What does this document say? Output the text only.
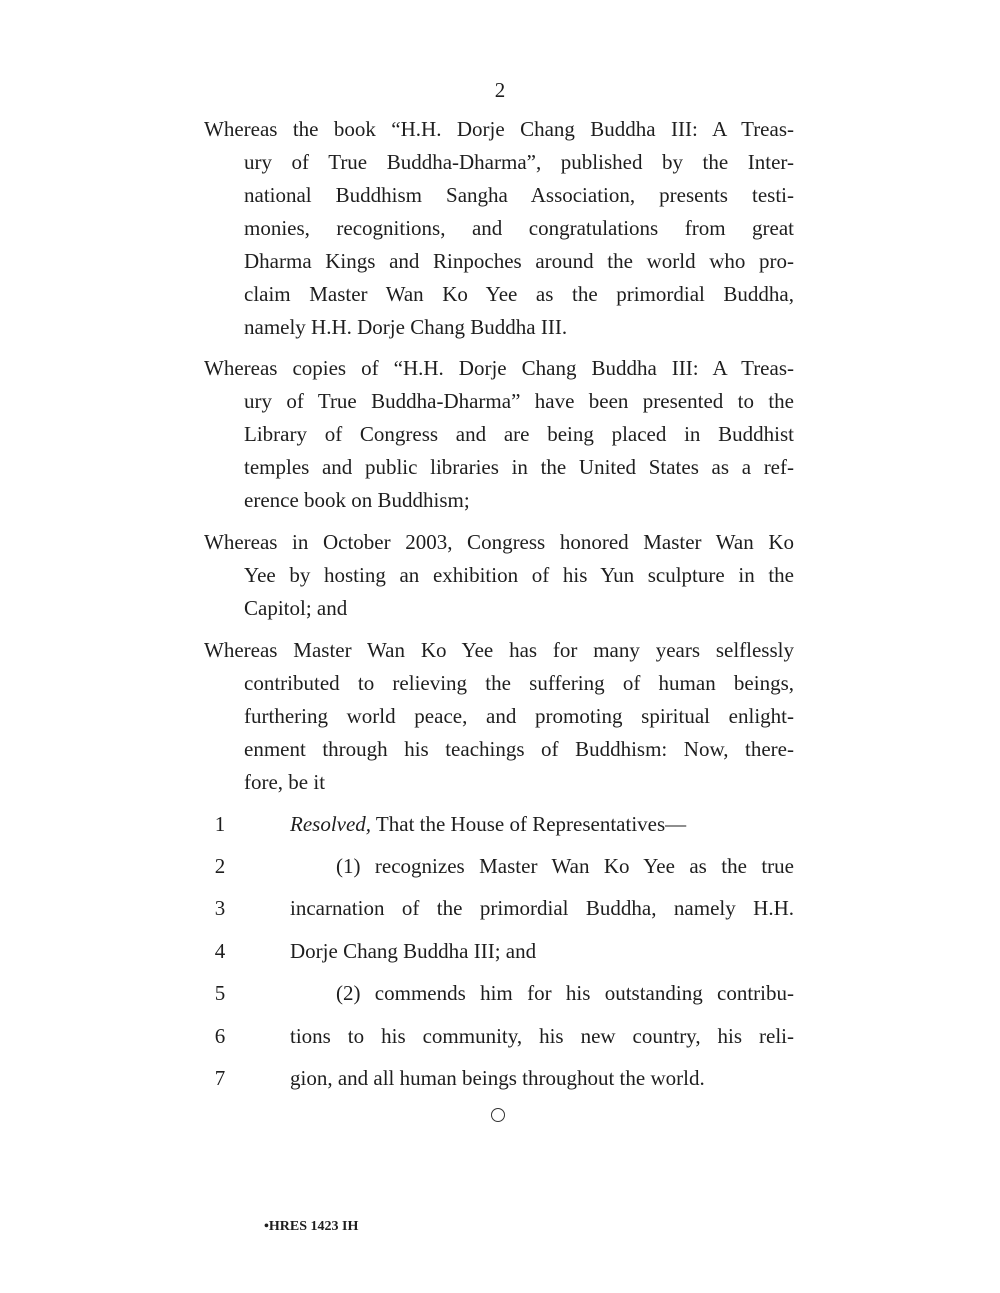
2
Whereas the book “H.H. Dorje Chang Buddha III: A Treas-
ury of True Buddha-Dharma”, published by the Inter-
national Buddhism Sangha Association, presents testi-
monies, recognitions, and congratulations from great
Dharma Kings and Rinpoches around the world who pro-
claim Master Wan Ko Yee as the primordial Buddha,
namely H.H. Dorje Chang Buddha III.
Whereas copies of “H.H. Dorje Chang Buddha III: A Treas-
ury of True Buddha-Dharma” have been presented to the
Library of Congress and are being placed in Buddhist
temples and public libraries in the United States as a ref-
erence book on Buddhism;
Whereas in October 2003, Congress honored Master Wan Ko
Yee by hosting an exhibition of his Yun sculpture in the
Capitol; and
Whereas Master Wan Ko Yee has for many years selflessly
contributed to relieving the suffering of human beings,
furthering world peace, and promoting spiritual enlight-
enment through his teachings of Buddhism: Now, there-
fore, be it
1	Resolved, That the House of Representatives—
2	(1) recognizes Master Wan Ko Yee as the true
3	incarnation of the primordial Buddha, namely H.H.
4	Dorje Chang Buddha III; and
5	(2) commends him for his outstanding contribu-
6	tions to his community, his new country, his reli-
7	gion, and all human beings throughout the world.
•HRES 1423 IH
